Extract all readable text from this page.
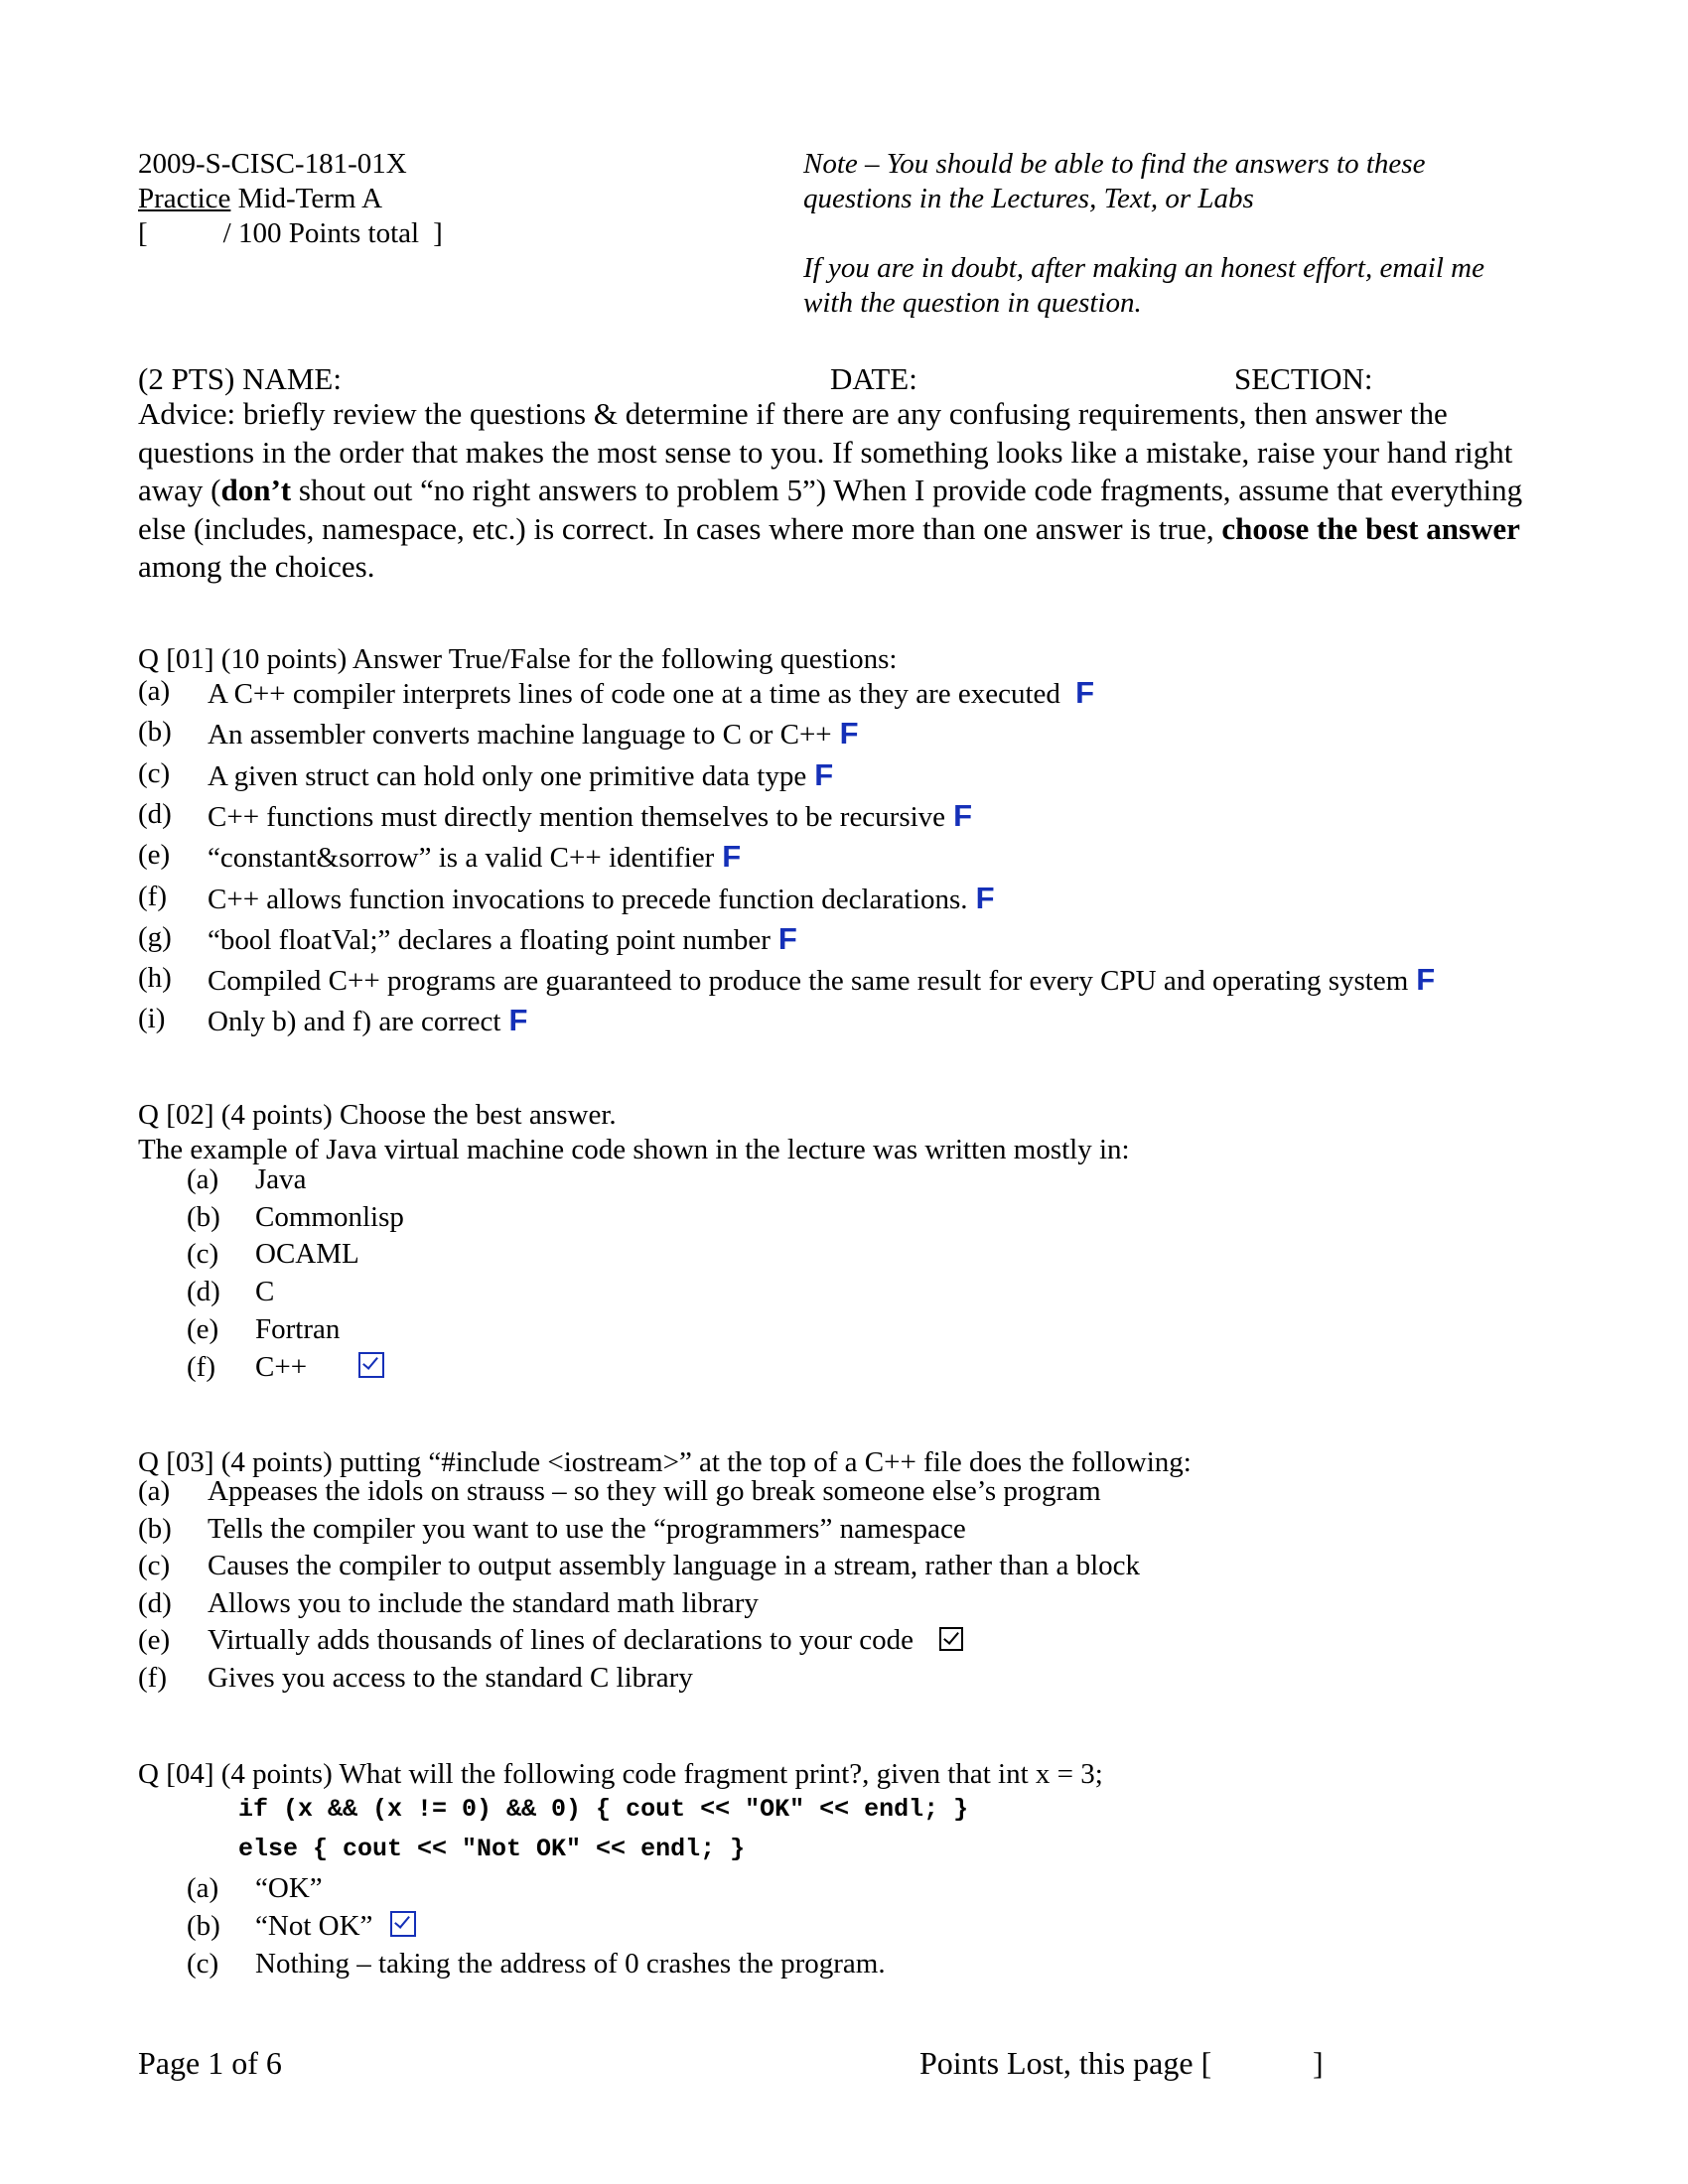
2009-S-CISC-181-01X
Practice Mid-Term A
[	/ 100 Points total ]
Note – You should be able to find the answers to these
questions in the Lectures, Text, or Labs
If you are in doubt, after making an honest effort, email me
with the question in question.
(2 PTS) NAME:	DATE:	SECTION:
Advice: briefly review the questions & determine if there are any confusing requirements, then answer the questions in the order that makes the most sense to you. If something looks like a mistake, raise your hand right away (don’t shout out “no right answers to problem 5”) When I provide code fragments, assume that everything else (includes, namespace, etc.) is correct. In cases where more than one answer is true, choose the best answer among the choices.
Q [01] (10 points) Answer True/False for the following questions:
(a) A C++ compiler interprets lines of code one at a time as they are executed F
(b) An assembler converts machine language to C or C++ F
(c) A given struct can hold only one primitive data type F
(d) C++ functions must directly mention themselves to be recursive F
(e) “constant&sorrow” is a valid C++ identifier F
(f) C++ allows function invocations to precede function declarations. F
(g) “bool floatVal;” declares a floating point number F
(h) Compiled C++ programs are guaranteed to produce the same result for every CPU and operating system F
(i) Only b) and f) are correct F
Q [02] (4 points) Choose the best answer.
The example of Java virtual machine code shown in the lecture was written mostly in:
(a) Java
(b) Commonlisp
(c) OCAML
(d) C
(e) Fortran
(f) C++
Q [03] (4 points) putting “#include <iostream>” at the top of a C++ file does the following:
(a) Appeases the idols on strauss – so they will go break someone else’s program
(b) Tells the compiler you want to use the “programmers” namespace
(c) Causes the compiler to output assembly language in a stream, rather than a block
(d) Allows you to include the standard math library
(e) Virtually adds thousands of lines of declarations to your code
(f) Gives you access to the standard C library
Q [04] (4 points) What will the following code fragment print?, given that int x = 3;
if (x && (x != 0) && 0) { cout << "OK" << endl; }
else { cout << "Not OK" << endl; }
(a) “OK”
(b) “Not OK”
(c) Nothing – taking the address of 0 crashes the program.
Page 1 of 6	Points Lost, this page [	]
